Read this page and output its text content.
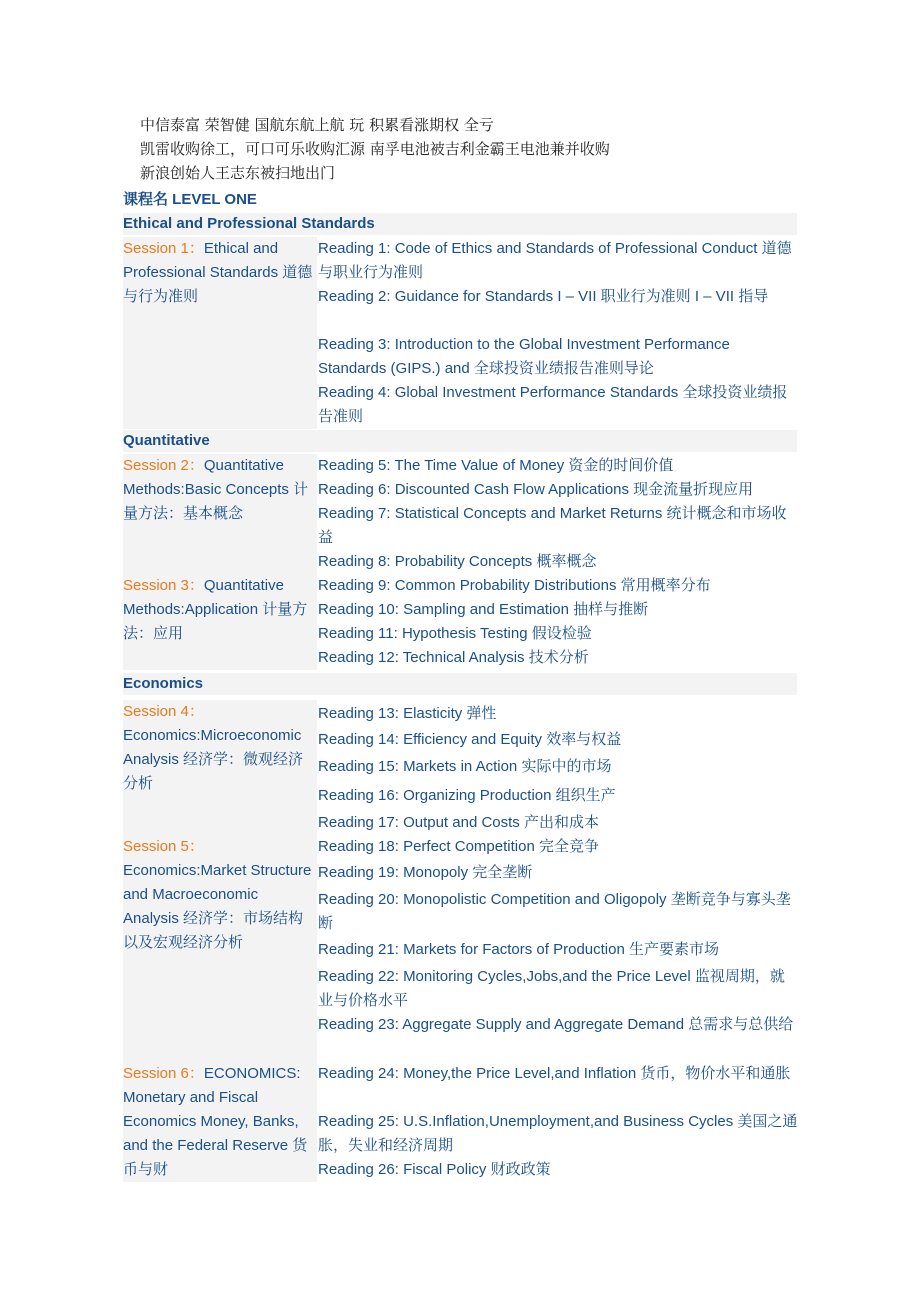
中信泰富 荣智健 国航东航上航 玩 积累看涨期权 全亏
凯雷收购徐工，可口可乐收购汇源 南孚电池被吉利金霸王电池兼并收购
新浪创始人王志东被扫地出门
课程名 LEVEL ONE
Ethical and Professional Standards
Session 1：Ethical and Professional Standards 道德与行为准则
Reading 1: Code of Ethics and Standards of Professional Conduct 道德与职业行为准则
Reading 2: Guidance for Standards I – VII 职业行为准则 I – VII 指导
Reading 3: Introduction to the Global Investment Performance Standards (GIPS.) and 全球投资业绩报告准则导论
Reading 4: Global Investment Performance Standards 全球投资业绩报告准则
Quantitative
Session 2：Quantitative Methods:Basic Concepts 计量方法：基本概念
Reading 5: The Time Value of Money 资金的时间价值
Reading 6: Discounted Cash Flow Applications 现金流量折现应用
Reading 7: Statistical Concepts and Market Returns 统计概念和市场收益
Reading 8: Probability Concepts 概率概念
Session 3：Quantitative Methods:Application 计量方法：应用
Reading 9: Common Probability Distributions 常用概率分布
Reading 10: Sampling and Estimation 抽样与推断
Reading 11: Hypothesis Testing 假设检验
Reading 12: Technical Analysis 技术分析
Economics
Session 4：Economics:Microeconomic Analysis 经济学：微观经济分析
Reading 13: Elasticity 弹性
Reading 14: Efficiency and Equity 效率与权益
Reading 15: Markets in Action 实际中的市场
Reading 16: Organizing Production 组织生产
Reading 17: Output and Costs 产出和成本
Session 5：Economics:Market Structure and Macroeconomic Analysis 经济学：市场结构以及宏观经济分析
Reading 18: Perfect Competition 完全竞争
Reading 19: Monopoly 完全垄断
Reading 20: Monopolistic Competition and Oligopoly 垄断竞争与寡头垄断
Reading 21: Markets for Factors of Production 生产要素市场
Reading 22: Monitoring Cycles,Jobs,and the Price Level 监视周期，就业与价格水平
Reading 23: Aggregate Supply and Aggregate Demand 总需求与总供给
Session 6：ECONOMICS: Monetary and Fiscal Economics Money, Banks, and the Federal Reserve 货币与财
Reading 24: Money,the Price Level,and Inflation 货币，物价水平和通胀
Reading 25: U.S.Inflation,Unemployment,and Business Cycles 美国之通胀，失业和经济周期
Reading 26: Fiscal Policy 财政政策
